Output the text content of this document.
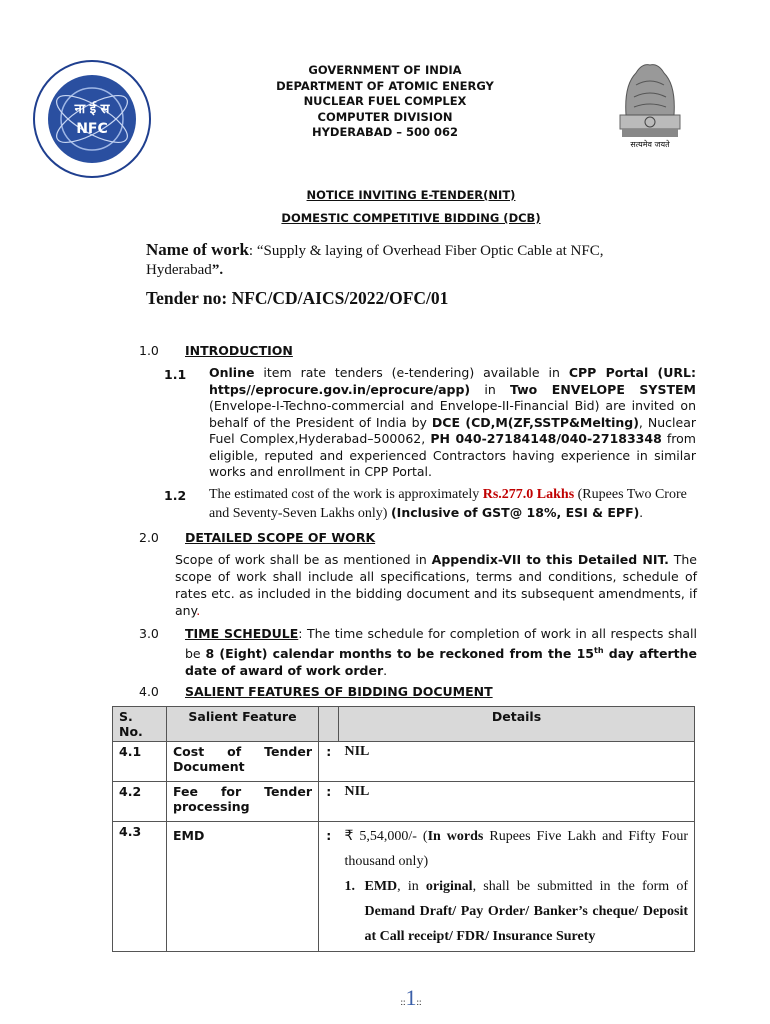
ना ई स
NFC
सत्यमेव जयते
GOVERNMENT OF INDIA
DEPARTMENT OF ATOMIC ENERGY
NUCLEAR FUEL COMPLEX
COMPUTER DIVISION
HYDERABAD – 500 062
NOTICE INVITING E-TENDER(NIT)
DOMESTIC COMPETITIVE BIDDING (DCB)
Name of work: “Supply & laying of Overhead Fiber Optic Cable at NFC,
Hyderabad”.
Tender no: NFC/CD/AICS/2022/OFC/01
1.0 INTRODUCTION
1.1 Online item rate tenders (e-tendering) available in CPP Portal (URL: https//eprocure.gov.in/eprocure/app) in Two ENVELOPE SYSTEM (Envelope-I-Techno-commercial and Envelope-II-Financial Bid) are invited on behalf of the President of India by DCE (CD,M(ZF,SSTP&Melting), Nuclear Fuel Complex,Hyderabad–500062, PH 040-27184148/040-27183348 from eligible, reputed and experienced Contractors having experience in similar works and enrollment in CPP Portal.
1.2 The estimated cost of the work is approximately Rs.277.0 Lakhs (Rupees Two Crore and Seventy-Seven Lakhs only) (Inclusive of GST@ 18%, ESI & EPF).
2.0 DETAILED SCOPE OF WORK
Scope of work shall be as mentioned in Appendix-VII to this Detailed NIT. The scope of work shall include all specifications, terms and conditions, schedule of rates etc. as included in the bidding document and its subsequent amendments, if any.
3.0 TIME SCHEDULE: The time schedule for completion of work in all respects shall be 8 (Eight) calendar months to be reckoned from the 15th day afterthe date of award of work order.
4.0 SALIENT FEATURES OF BIDDING DOCUMENT
S. No.	Salient Feature		Details
4.1	Cost of Tender Document	:	NIL
4.2	Fee for Tender processing	:	NIL
4.3	EMD	:	₹ 5,54,000/- (In words Rupees Five Lakh and Fifty Four thousand only)
1. EMD, in original, shall be submitted in the form of Demand Draft/ Pay Order/ Banker’s cheque/ Deposit at Call receipt/ FDR/ Insurance Surety
::1::
